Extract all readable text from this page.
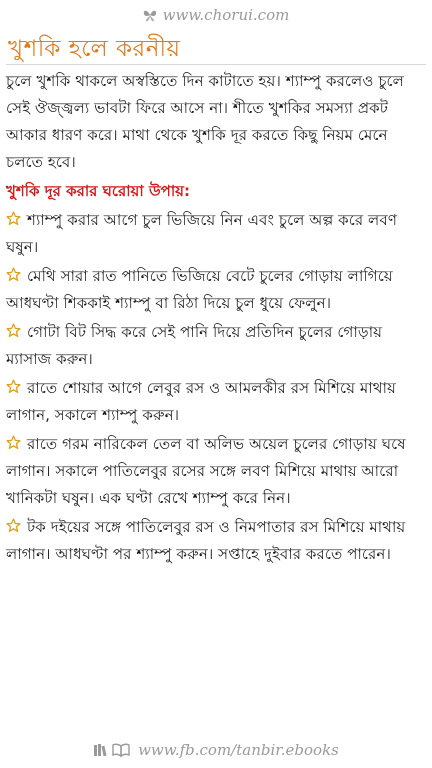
www.chorui.com
খুশকি হলে করনীয়

চুলে খুশকি থাকলে অস্বস্তিতে দিন কাটাতে হয়। শ্যাম্পু করলেও চুলে সেই ঔজ্জ্বল্য ভাবটা ফিরে আসে না। শীতে খুশকির সমস্যা প্রকট আকার ধারণ করে। মাথা থেকে খুশকি দূর করতে কিছু নিয়ম মেনে চলতে হবে।

খুশকি দূর করার ঘরোয়া উপায়:

শ্যাম্পু করার আগে চুল ভিজিয়ে নিন এবং চুলে অল্প করে লবণ ঘষুন।

মেথি সারা রাত পানিতে ভিজিয়ে বেটে চুলের গোড়ায় লাগিয়ে আধঘণ্টা শিককাই শ্যাম্পু বা রিঠা দিয়ে চুল ধুয়ে ফেলুন।

গোটা বিট সিদ্ধ করে সেই পানি দিয়ে প্রতিদিন চুলের গোড়ায় ম্যাসাজ করুন।

রাতে শোয়ার আগে লেবুর রস ও আমলকীর রস মিশিয়ে মাথায় লাগান, সকালে শ্যাম্পু করুন।

রাতে গরম নারিকেল তেল বা অলিভ অয়েল চুলের গোড়ায় ঘষে লাগান। সকালে পাতিলেবুর রসের সঙ্গে লবণ মিশিয়ে মাথায় আরো খানিকটা ঘষুন। এক ঘণ্টা রেখে শ্যাম্পু করে নিন।

টক দইয়ের সঙ্গে পাতিলেবুর রস ও নিমপাতার রস মিশিয়ে মাথায় লাগান। আধঘণ্টা পর শ্যাম্পু করুন। সপ্তাহে দুইবার করতে পারেন।

www.fb.com/tanbir.ebooks
